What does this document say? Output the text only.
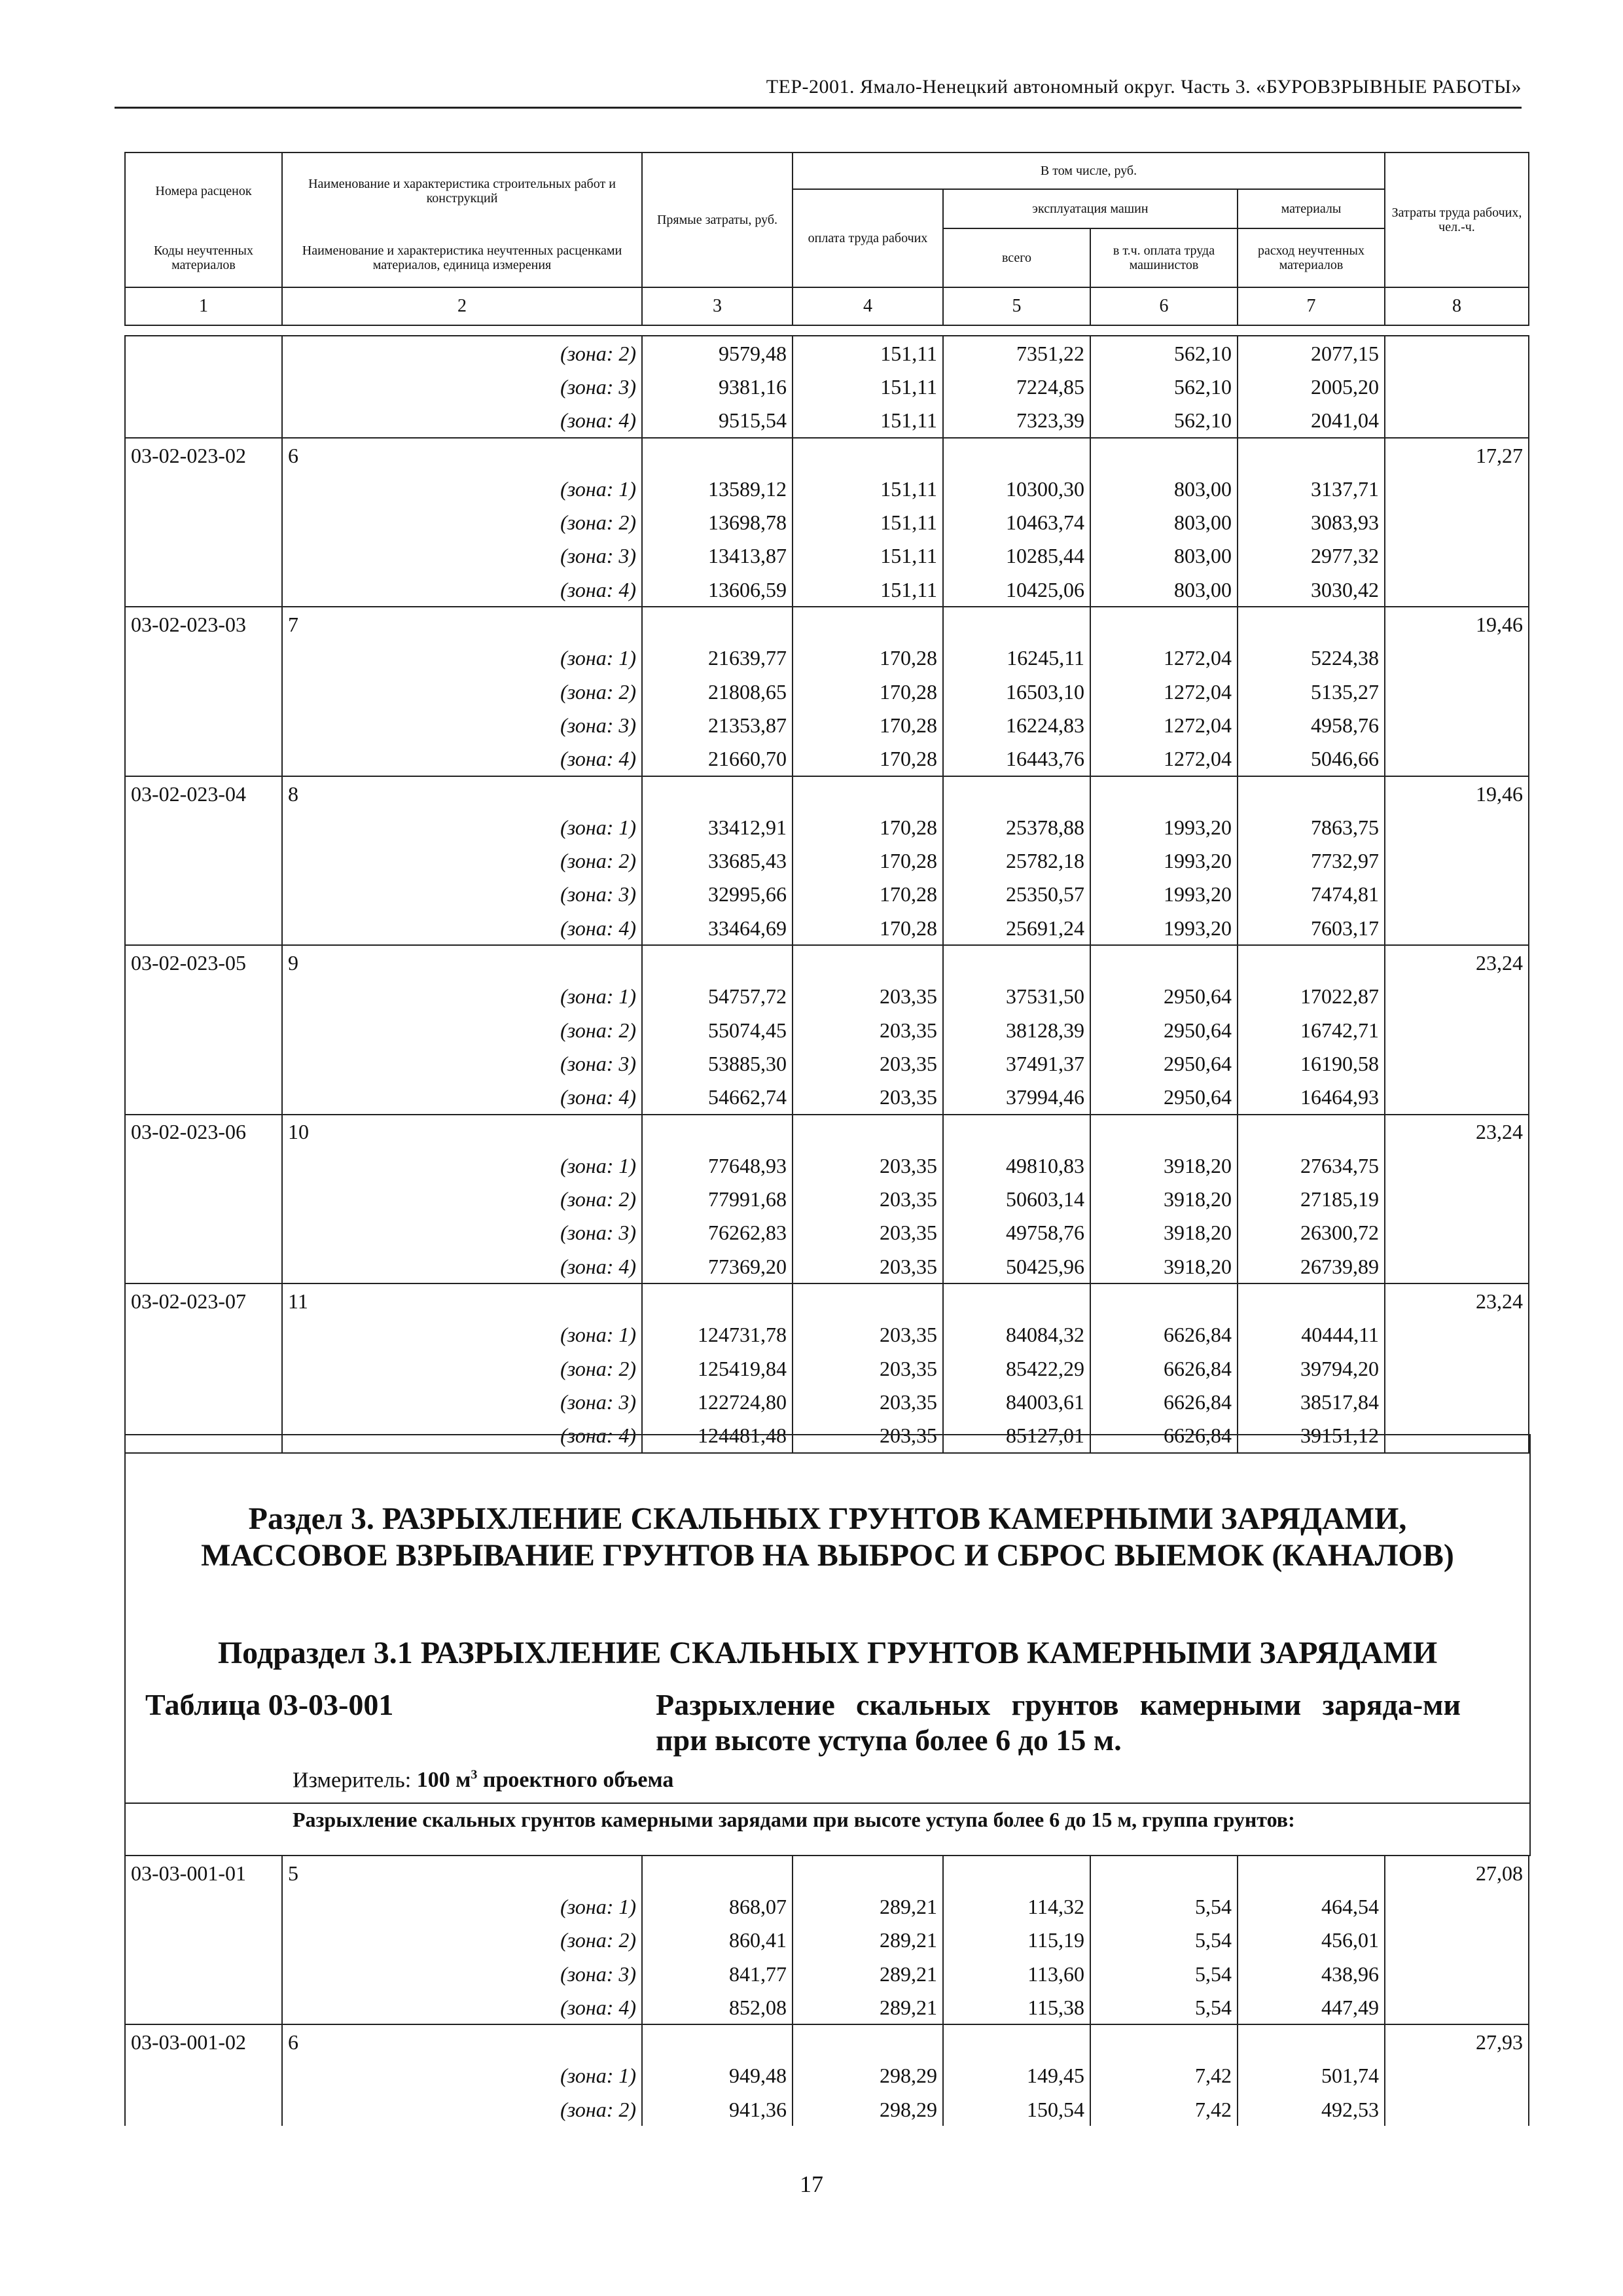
ТЕР-2001. Ямало-Ненецкий автономный округ. Часть 3. «БУРОВЗРЫВНЫЕ РАБОТЫ»
Номера расценок	Наименование и характеристика строительных работ и конструкций	Прямые затраты, руб.	В том числе, руб.				Затраты труда рабочих, чел.-ч.
			оплата труда рабочих	эксплуатация машин		материалы	
Коды неучтенных материалов	Наименование и характеристика неучтенных расценками материалов, единица измерения			всего	в т.ч. оплата труда машинистов	расход неучтенных материалов	
1	2	3	4	5	6	7	8
	(зона: 2)	9579,48	151,11	7351,22	562,10	2077,15	
	(зона: 3)	9381,16	151,11	7224,85	562,10	2005,20	
	(зона: 4)	9515,54	151,11	7323,39	562,10	2041,04	
03-02-023-02	6						17,27
	(зона: 1)	13589,12	151,11	10300,30	803,00	3137,71	
	(зона: 2)	13698,78	151,11	10463,74	803,00	3083,93	
	(зона: 3)	13413,87	151,11	10285,44	803,00	2977,32	
	(зона: 4)	13606,59	151,11	10425,06	803,00	3030,42	
03-02-023-03	7						19,46
	(зона: 1)	21639,77	170,28	16245,11	1272,04	5224,38	
	(зона: 2)	21808,65	170,28	16503,10	1272,04	5135,27	
	(зона: 3)	21353,87	170,28	16224,83	1272,04	4958,76	
	(зона: 4)	21660,70	170,28	16443,76	1272,04	5046,66	
03-02-023-04	8						19,46
	(зона: 1)	33412,91	170,28	25378,88	1993,20	7863,75	
	(зона: 2)	33685,43	170,28	25782,18	1993,20	7732,97	
	(зона: 3)	32995,66	170,28	25350,57	1993,20	7474,81	
	(зона: 4)	33464,69	170,28	25691,24	1993,20	7603,17	
03-02-023-05	9						23,24
	(зона: 1)	54757,72	203,35	37531,50	2950,64	17022,87	
	(зона: 2)	55074,45	203,35	38128,39	2950,64	16742,71	
	(зона: 3)	53885,30	203,35	37491,37	2950,64	16190,58	
	(зона: 4)	54662,74	203,35	37994,46	2950,64	16464,93	
03-02-023-06	10						23,24
	(зона: 1)	77648,93	203,35	49810,83	3918,20	27634,75	
	(зона: 2)	77991,68	203,35	50603,14	3918,20	27185,19	
	(зона: 3)	76262,83	203,35	49758,76	3918,20	26300,72	
	(зона: 4)	77369,20	203,35	50425,96	3918,20	26739,89	
03-02-023-07	11						23,24
	(зона: 1)	124731,78	203,35	84084,32	6626,84	40444,11	
	(зона: 2)	125419,84	203,35	85422,29	6626,84	39794,20	
	(зона: 3)	122724,80	203,35	84003,61	6626,84	38517,84	
	(зона: 4)	124481,48	203,35	85127,01	6626,84	39151,12	
Раздел 3. РАЗРЫХЛЕНИЕ СКАЛЬНЫХ ГРУНТОВ КАМЕРНЫМИ ЗАРЯДАМИ,
МАССОВОЕ ВЗРЫВАНИЕ ГРУНТОВ НА ВЫБРОС И СБРОС ВЫЕМОК (КАНАЛОВ)
Подраздел 3.1 РАЗРЫХЛЕНИЕ СКАЛЬНЫХ ГРУНТОВ КАМЕРНЫМИ ЗАРЯДАМИ
Таблица 03-03-001	Разрыхление скальных грунтов камерными заряда-ми при высоте уступа более 6 до 15 м.
Измеритель: 100 $м^3$ проектного объема
Разрыхление скальных грунтов камерными зарядами при высоте уступа более 6 до 15 м, группа грунтов:
03-03-001-01	5						27,08
	(зона: 1)	868,07	289,21	114,32	5,54	464,54	
	(зона: 2)	860,41	289,21	115,19	5,54	456,01	
	(зона: 3)	841,77	289,21	113,60	5,54	438,96	
	(зона: 4)	852,08	289,21	115,38	5,54	447,49	
03-03-001-02	6						27,93
	(зона: 1)	949,48	298,29	149,45	7,42	501,74	
	(зона: 2)	941,36	298,29	150,54	7,42	492,53	
17
